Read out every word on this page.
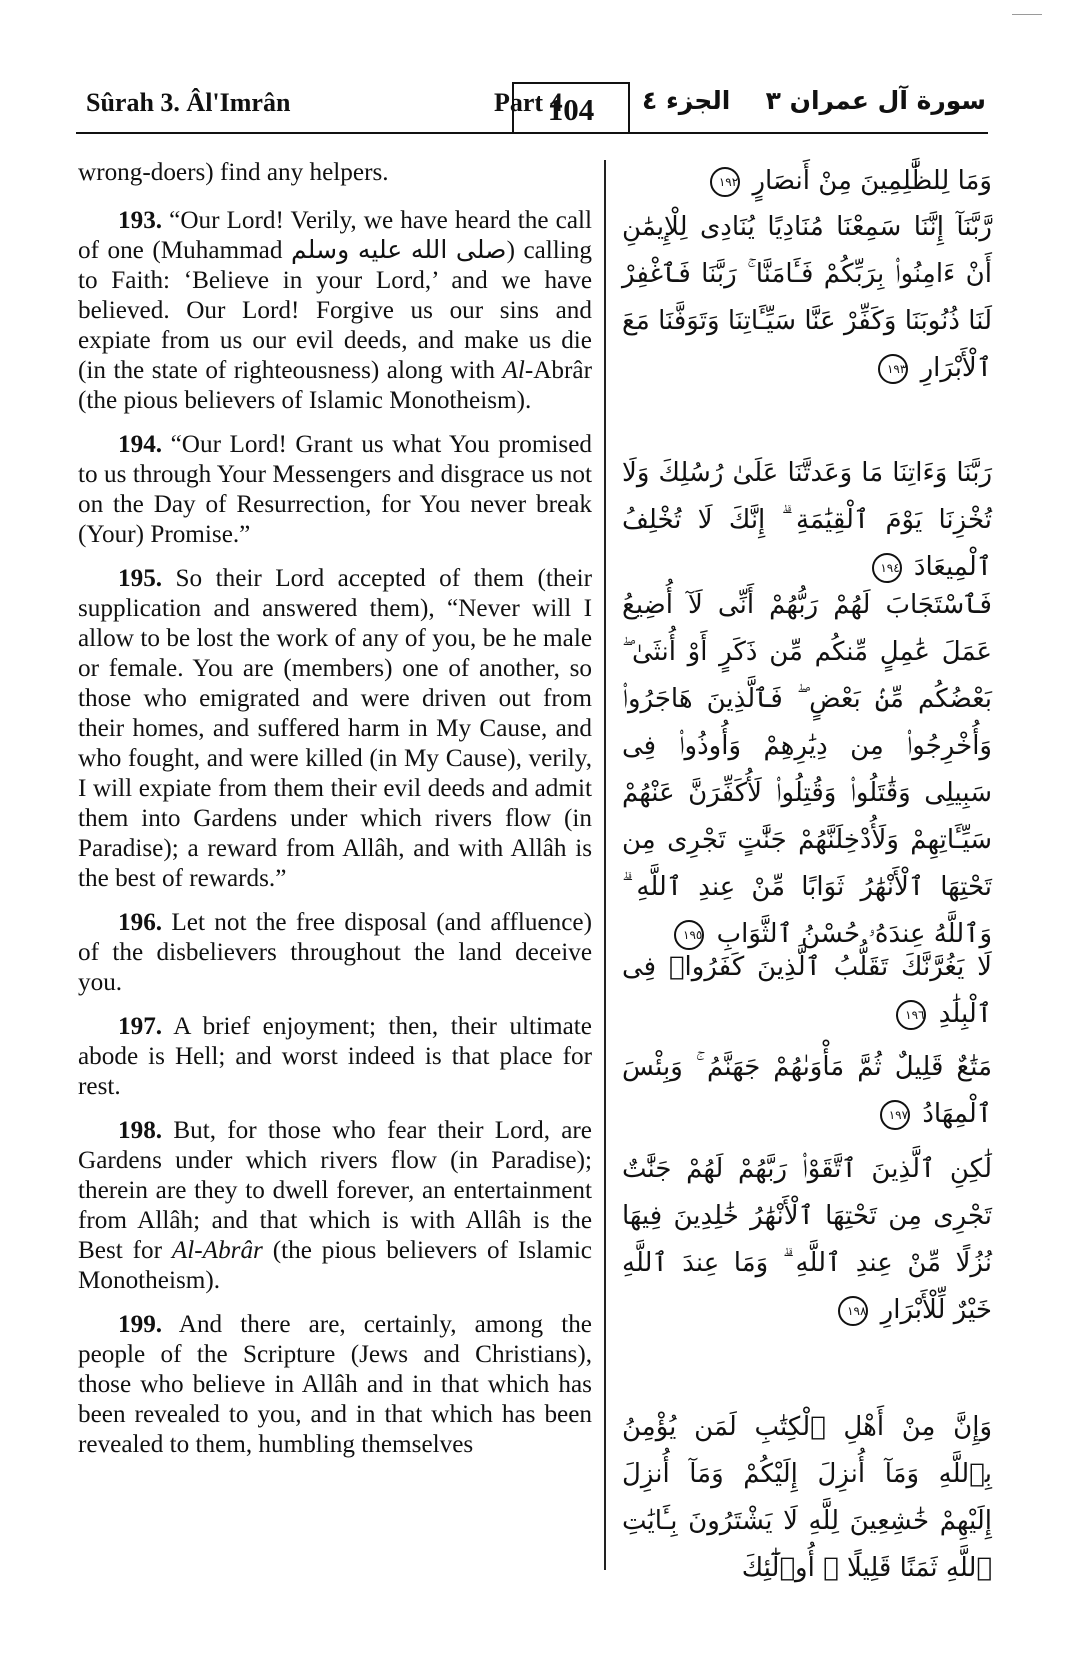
Sûrah 3. Âl'Imrân	Part 4
104	الجزء ٤ سورة آل عمران ٣

wrong-doers) find any helpers.

193. “Our Lord! Verily, we have heard the call of one (Muhammad صلى الله عليه وسلم) calling to Faith: ‘Believe in your Lord,’ and we have believed. Our Lord! Forgive us our sins and expiate from us our evil deeds, and make us die (in the state of righteousness) along with Al-Abrâr (the pious believers of Islamic Monotheism).

194. “Our Lord! Grant us what You promised to us through Your Messengers and disgrace us not on the Day of Resurrection, for You never break (Your) Promise.”

195. So their Lord accepted of them (their supplication and answered them), “Never will I allow to be lost the work of any of you, be he male or female. You are (members) one of another, so those who emigrated and were driven out from their homes, and suffered harm in My Cause, and who fought, and were killed (in My Cause), verily, I will expiate from them their evil deeds and admit them into Gardens under which rivers flow (in Paradise); a reward from Allâh, and with Allâh is the best of rewards.”

196. Let not the free disposal (and affluence) of the disbelievers throughout the land deceive you.

197. A brief enjoyment; then, their ultimate abode is Hell; and worst indeed is that place for rest.

198. But, for those who fear their Lord, are Gardens under which rivers flow (in Paradise); therein are they to dwell forever, an entertainment from Allâh; and that which is with Allâh is the Best for Al-Abrâr (the pious believers of Islamic Monotheism).

199. And there are, certainly, among the people of the Scripture (Jews and Christians), those who believe in Allâh and in that which has been revealed to you, and in that which has been revealed to them, humbling themselves

وَمَا لِلظَّٰلِمِينَ مِنْ أَنصَارٍ ١٩٢
رَّبَّنَآ إِنَّنَا سَمِعْنَا مُنَادِيًا يُنَادِى لِلْإِيمَٰنِ أَنْ ءَامِنُوا۟ بِرَبِّكُمْ فَـَٔامَنَّا ۚ رَبَّنَا فَٱغْفِرْ لَنَا ذُنُوبَنَا وَكَفِّرْ عَنَّا سَيِّـَٔاتِنَا وَتَوَفَّنَا مَعَ ٱلْأَبْرَارِ ١٩٣
رَبَّنَا وَءَاتِنَا مَا وَعَدتَّنَا عَلَىٰ رُسُلِكَ وَلَا تُخْزِنَا يَوْمَ ٱلْقِيَٰمَةِ ۗ إِنَّكَ لَا تُخْلِفُ ٱلْمِيعَادَ ١٩٤
فَٱسْتَجَابَ لَهُمْ رَبُّهُمْ أَنِّى لَآ أُضِيعُ عَمَلَ عَٰمِلٍ مِّنكُم مِّن ذَكَرٍ أَوْ أُنثَىٰ ۖ بَعْضُكُم مِّنۢ بَعْضٍ ۖ فَٱلَّذِينَ هَاجَرُوا۟ وَأُخْرِجُوا۟ مِن دِيَٰرِهِمْ وَأُوذُوا۟ فِى سَبِيلِى وَقَٰتَلُوا۟ وَقُتِلُوا۟ لَأُكَفِّرَنَّ عَنْهُمْ سَيِّـَٔاتِهِمْ وَلَأُدْخِلَنَّهُمْ جَنَّٰتٍ تَجْرِى مِن تَحْتِهَا ٱلْأَنْهَٰرُ ثَوَابًا مِّنْ عِندِ ٱللَّهِ ۗ وَٱللَّهُ عِندَهُۥ حُسْنُ ٱلثَّوَابِ ١٩٥
لَا يَغُرَّنَّكَ تَقَلُّبُ ٱلَّذِينَ كَفَرُوا۟ فِى ٱلْبِلَٰدِ ١٩٦
مَتَٰعٌ قَلِيلٌ ثُمَّ مَأْوَىٰهُمْ جَهَنَّمُ ۚ وَبِئْسَ ٱلْمِهَادُ ١٩٧
لَٰكِنِ ٱلَّذِينَ ٱتَّقَوْا۟ رَبَّهُمْ لَهُمْ جَنَّٰتٌ تَجْرِى مِن تَحْتِهَا ٱلْأَنْهَٰرُ خَٰلِدِينَ فِيهَا نُزُلًا مِّنْ عِندِ ٱللَّهِ ۗ وَمَا عِندَ ٱللَّهِ خَيْرٌ لِّلْأَبْرَارِ ١٩٨
وَإِنَّ مِنْ أَهْلِ ٱلْكِتَٰبِ لَمَن يُؤْمِنُ بِٱللَّهِ وَمَآ أُنزِلَ إِلَيْكُمْ وَمَآ أُنزِلَ إِلَيْهِمْ خَٰشِعِينَ لِلَّهِ لَا يَشْتَرُونَ بِـَٔايَٰتِ ٱللَّهِ ثَمَنًا قَلِيلًا ۗ أُو۟لَٰٓئِكَ
